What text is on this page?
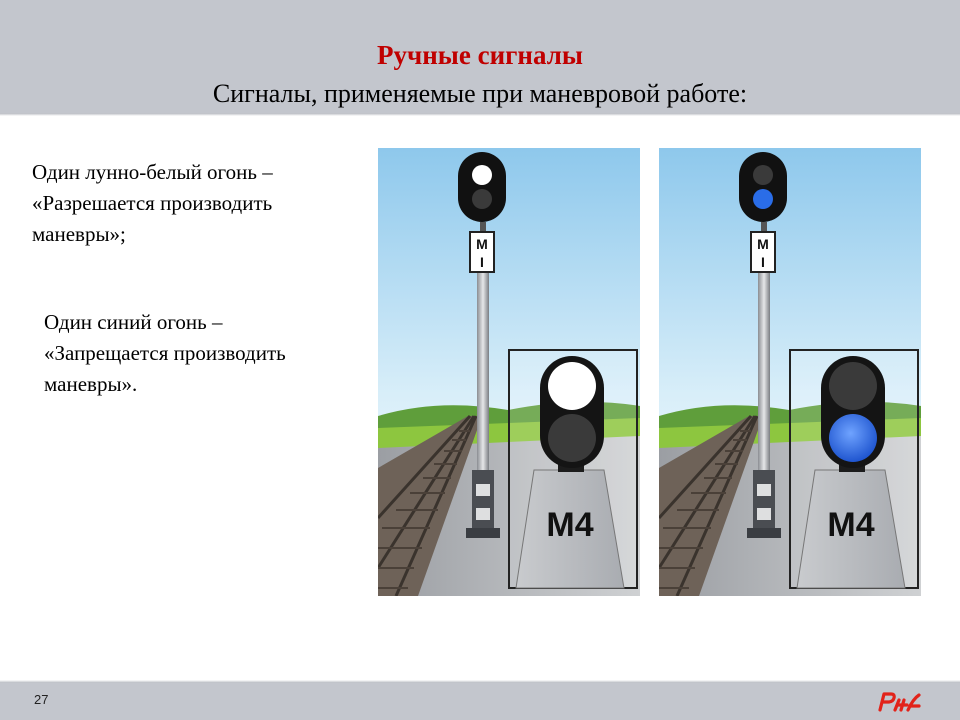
Ручные сигналы
Сигналы, применяемые при маневровой работе:
Один лунно-белый огонь –
«Разрешается производить
маневры»;
Один синий огонь –
«Запрещается производить
маневры».
М
I
М4
М
I
М4
27
